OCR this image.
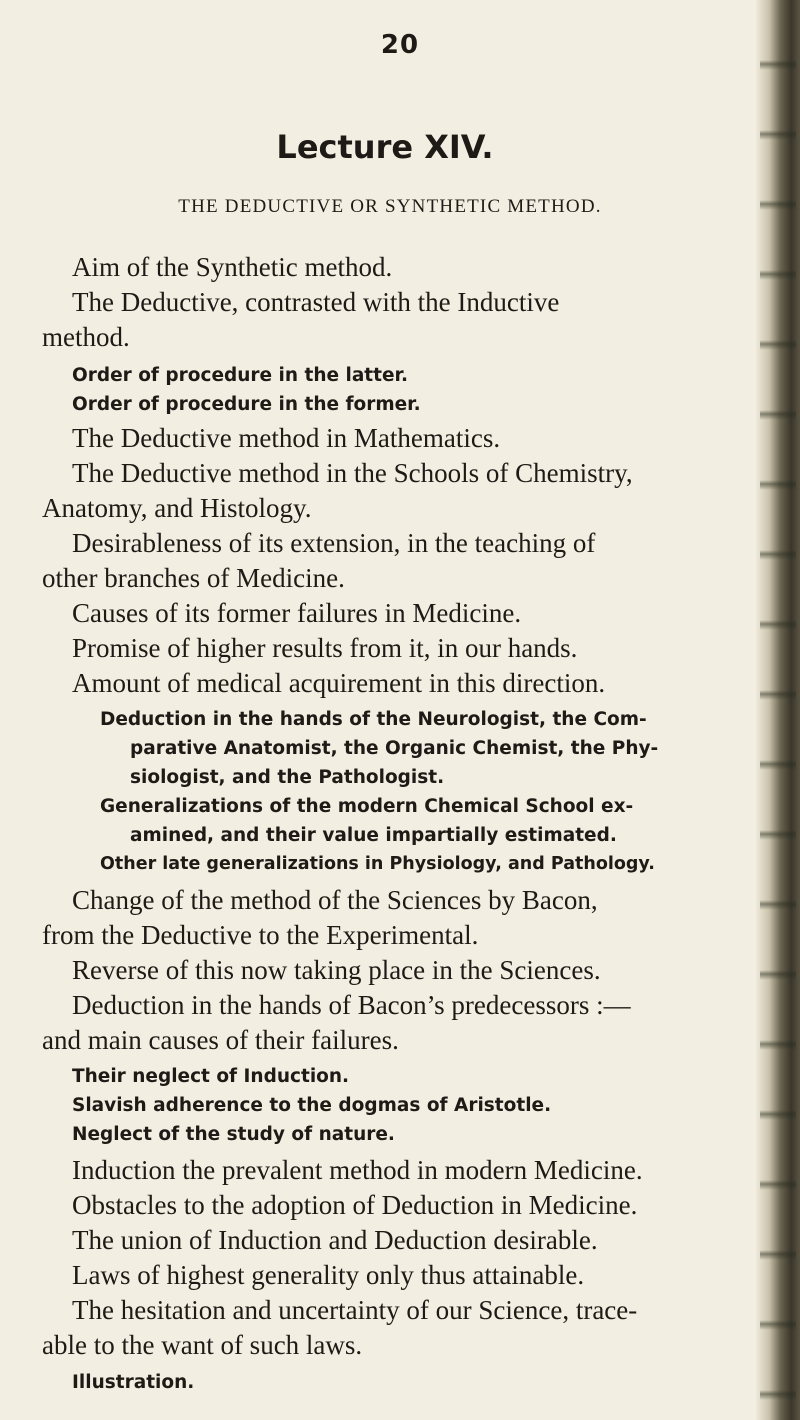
20
Lecture XIV.
THE DEDUCTIVE OR SYNTHETIC METHOD.
Aim of the Synthetic method.
The Deductive, contrasted with the Inductive
method.
Order of procedure in the latter.
Order of procedure in the former.
The Deductive method in Mathematics.
The Deductive method in the Schools of Chemistry,
Anatomy, and Histology.
Desirableness of its extension, in the teaching of
other branches of Medicine.
Causes of its former failures in Medicine.
Promise of higher results from it, in our hands.
Amount of medical acquirement in this direction.
Deduction in the hands of the Neurologist, the Com-
parative Anatomist, the Organic Chemist, the Phy-
siologist, and the Pathologist.
Generalizations of the modern Chemical School ex-
amined, and their value impartially estimated.
Other late generalizations in Physiology, and Pathology.
Change of the method of the Sciences by Bacon,
from the Deductive to the Experimental.
Reverse of this now taking place in the Sciences.
Deduction in the hands of Bacon’s predecessors :—
and main causes of their failures.
Their neglect of Induction.
Slavish adherence to the dogmas of Aristotle.
Neglect of the study of nature.
Induction the prevalent method in modern Medicine.
Obstacles to the adoption of Deduction in Medicine.
The union of Induction and Deduction desirable.
Laws of highest generality only thus attainable.
The hesitation and uncertainty of our Science, trace-
able to the want of such laws.
Illustration.
